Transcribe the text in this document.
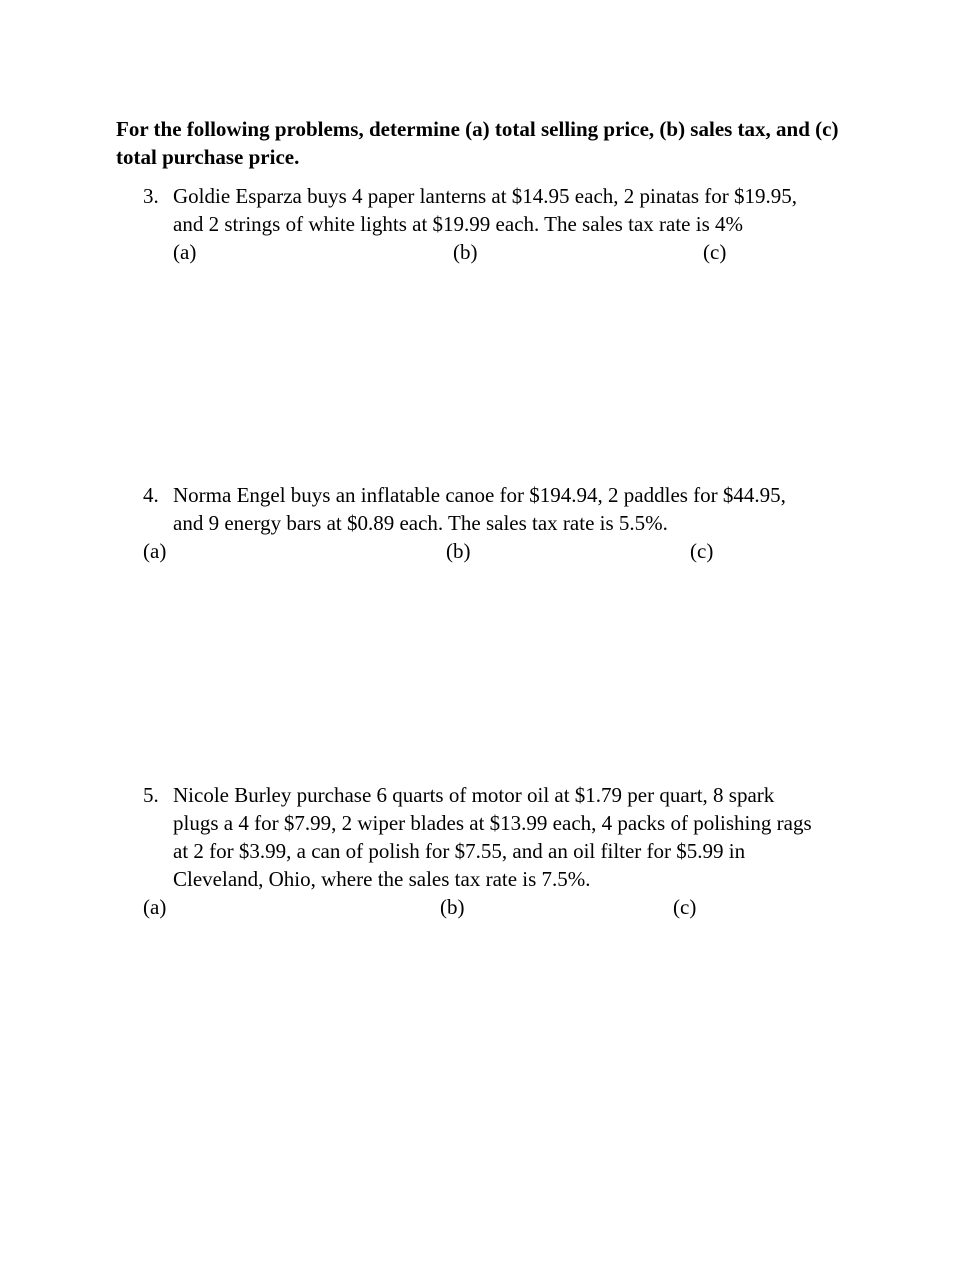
For the following problems, determine (a) total selling price, (b) sales tax, and (c) total purchase price.

3. Goldie Esparza buys 4 paper lanterns at $14.95 each, 2 pinatas for $19.95,
and 2 strings of white lights at $19.99 each. The sales tax rate is 4%
(a)	(b)	(c)
4. Norma Engel buys an inflatable canoe for $194.94, 2 paddles for $44.95,
and 9 energy bars at $0.89 each. The sales tax rate is 5.5%.
(a)	(b)	(c)
5. Nicole Burley purchase 6 quarts of motor oil at $1.79 per quart, 8 spark
plugs a 4 for $7.99, 2 wiper blades at $13.99 each, 4 packs of polishing rags
at 2 for $3.99, a can of polish for $7.55, and an oil filter for $5.99 in
Cleveland, Ohio, where the sales tax rate is 7.5%.
(a)	(b)	(c)
